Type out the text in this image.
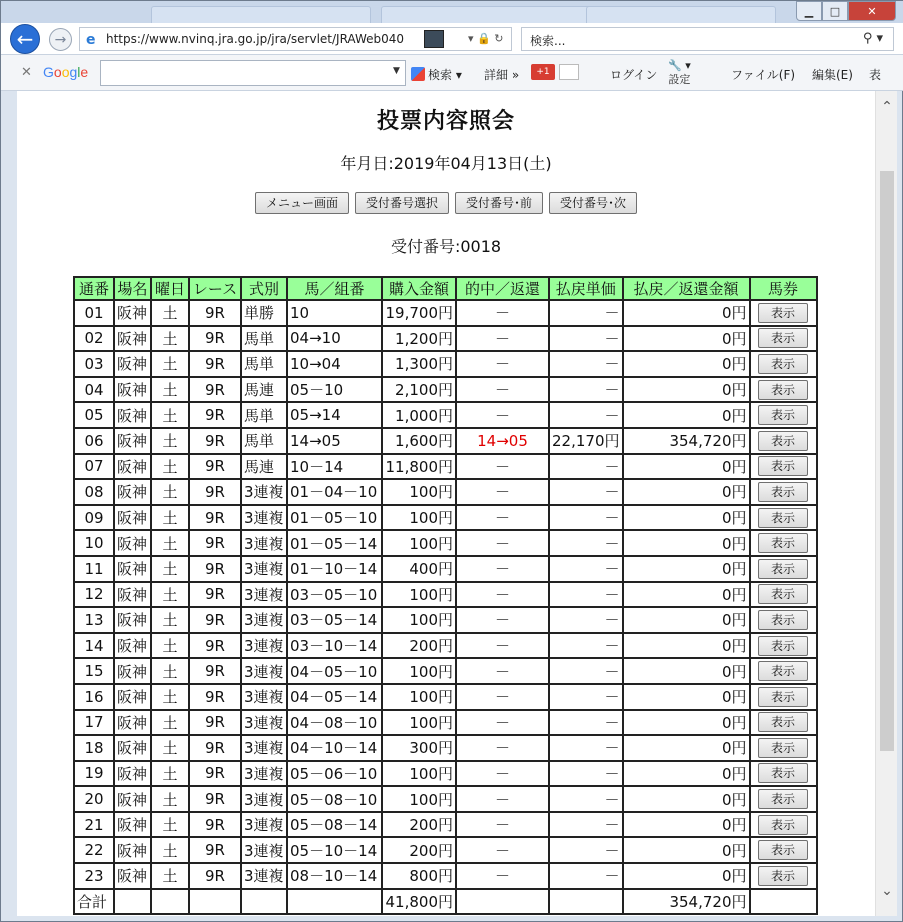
▁	□	✕
← → e https://www.nvinq.jra.go.jp/jra/servlet/JRAWeb040	▾ 🔒 ↻ 検索...	⚲ ▾
✕ Google	▼	検索 ▾ 詳細 »	+1	ログイン
🔧 ▾
設定	ファイル(F) 編集(E) 表
投票内容照会
年月日:2019年04月13日(土)
メニュー画面 受付番号選択 受付番号･前 受付番号･次
受付番号:0018
通番	場名	曜日	レース	式別	馬／組番	購入金額	的中／返還	払戻単価	払戻／返還金額	馬券
01	阪神	土	9R	単勝	10	19,700円	－	－	0円	表示
02	阪神	土	9R	馬単	04→10	1,200円	－	－	0円	表示
03	阪神	土	9R	馬単	10→04	1,300円	－	－	0円	表示
04	阪神	土	9R	馬連	05－10	2,100円	－	－	0円	表示
05	阪神	土	9R	馬単	05→14	1,000円	－	－	0円	表示
06	阪神	土	9R	馬単	14→05	1,600円	14→05	22,170円	354,720円	表示
07	阪神	土	9R	馬連	10－14	11,800円	－	－	0円	表示
08	阪神	土	9R	3連複	01－04－10	100円	－	－	0円	表示
09	阪神	土	9R	3連複	01－05－10	100円	－	－	0円	表示
10	阪神	土	9R	3連複	01－05－14	100円	－	－	0円	表示
11	阪神	土	9R	3連複	01－10－14	400円	－	－	0円	表示
12	阪神	土	9R	3連複	03－05－10	100円	－	－	0円	表示
13	阪神	土	9R	3連複	03－05－14	100円	－	－	0円	表示
14	阪神	土	9R	3連複	03－10－14	200円	－	－	0円	表示
15	阪神	土	9R	3連複	04－05－10	100円	－	－	0円	表示
16	阪神	土	9R	3連複	04－05－14	100円	－	－	0円	表示
17	阪神	土	9R	3連複	04－08－10	100円	－	－	0円	表示
18	阪神	土	9R	3連複	04－10－14	300円	－	－	0円	表示
19	阪神	土	9R	3連複	05－06－10	100円	－	－	0円	表示
20	阪神	土	9R	3連複	05－08－10	100円	－	－	0円	表示
21	阪神	土	9R	3連複	05－08－14	200円	－	－	0円	表示
22	阪神	土	9R	3連複	05－10－14	200円	－	－	0円	表示
23	阪神	土	9R	3連複	08－10－14	800円	－	－	0円	表示
合計						41,800円			354,720円	
⌃
⌄
